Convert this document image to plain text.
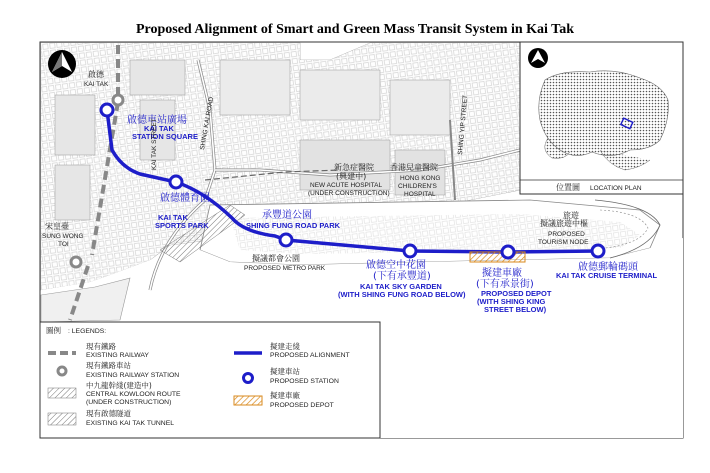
Proposed Alignment of Smart and Green Mass Transit System in Kai Tak
啟德車站廣場
KAI TAK
STATION SQUARE
啟德體育園
KAI TAK
SPORTS PARK
承豐道公園
SHING FUNG ROAD PARK
啟德空中花園
(下有承豐道)
KAI TAK SKY GARDEN
(WITH SHING FUNG ROAD BELOW)
擬建車廠
(下有承景街)
PROPOSED DEPOT
(WITH SHING KING
STREET BELOW)
啟德郵輪碼頭
KAI TAK CRUISE TERMINAL
啟德
KAI TAK
宋皇臺
SUNG WONG
TOI
KAI TAK STREET	SHING KAI ROAD	SHING YIP STREET
新急症醫院
(興建中)
NEW ACUTE HOSPITAL
(UNDER CONSTRUCTION)
香港兒童醫院
HONG KONG
CHILDREN'S
HOSPITAL
擬議都會公園
PROPOSED METRO PARK
旅遊
擬議旅遊中樞
PROPOSED
TOURISM NODE
位置圖 LOCATION PLAN
圖例 : LEGENDS:
現有鐵路
EXISTING RAILWAY
現有鐵路車站
EXISTING RAILWAY STATION
中九龍幹綫(建造中)
CENTRAL KOWLOON ROUTE
(UNDER CONSTRUCTION)
現有啟德隧道
EXISTING KAI TAK TUNNEL
擬建走綫
PROPOSED ALIGNMENT
擬建車站
PROPOSED STATION
擬建車廠
PROPOSED DEPOT
